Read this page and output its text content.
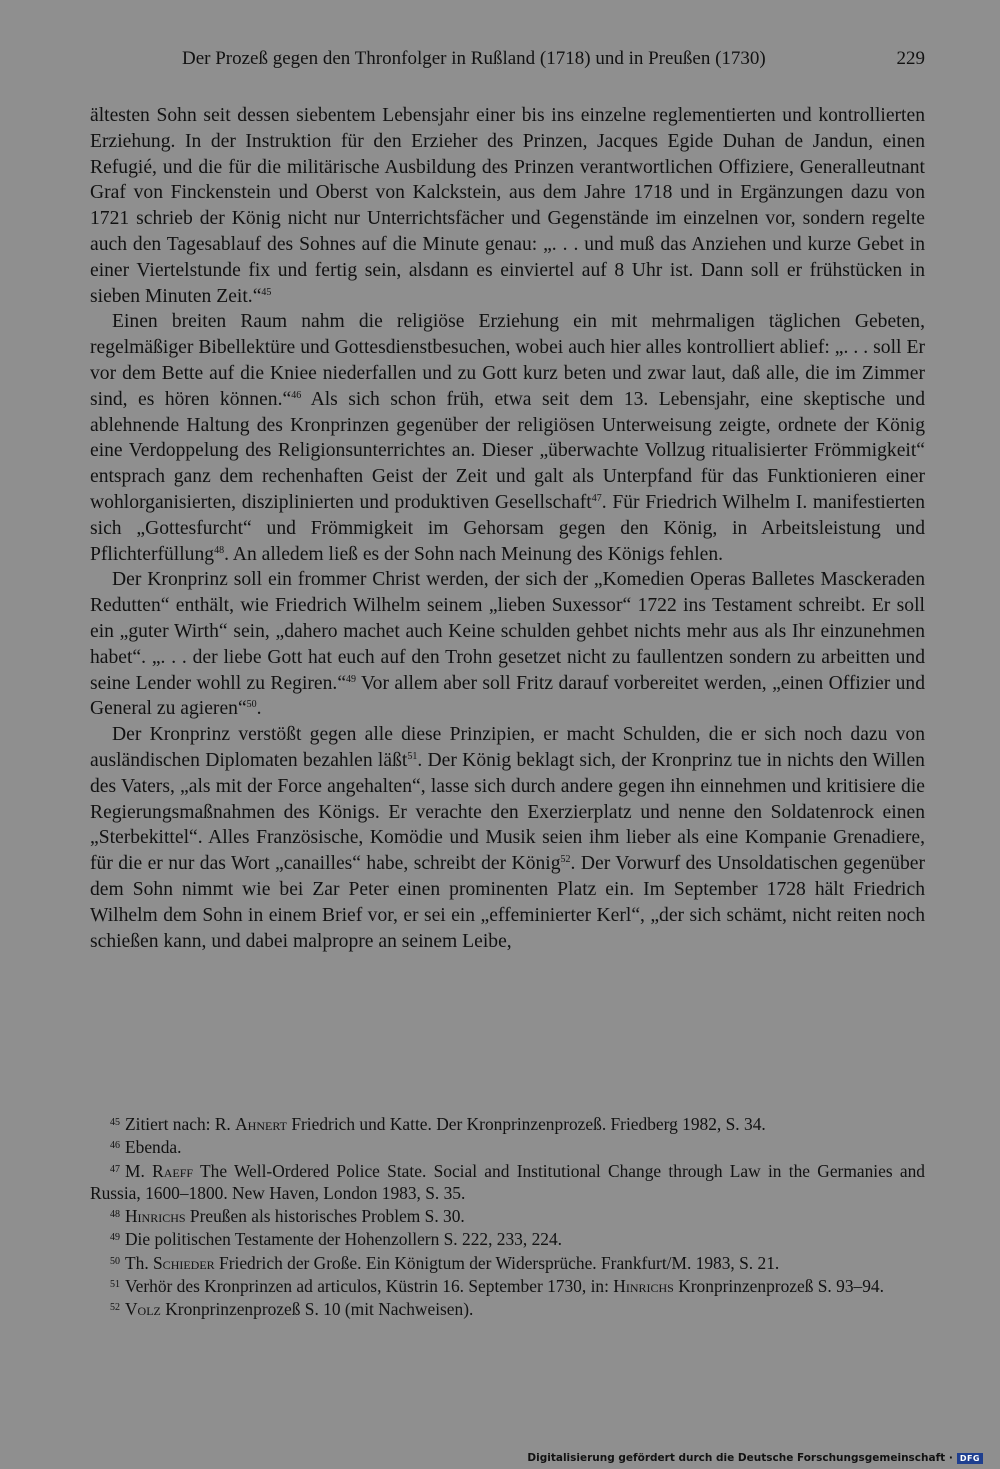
Der Prozeß gegen den Thronfolger in Rußland (1718) und in Preußen (1730)	229

ältesten Sohn seit dessen siebentem Lebensjahr einer bis ins einzelne reglementierten und kontrollierten Erziehung. In der Instruktion für den Erzieher des Prinzen, Jacques Egide Duhan de Jandun, einen Refugié, und die für die militärische Ausbildung des Prinzen verantwortlichen Offiziere, Generalleutnant Graf von Finckenstein und Oberst von Kalckstein, aus dem Jahre 1718 und in Ergänzungen dazu von 1721 schrieb der König nicht nur Unterrichtsfächer und Gegenstände im einzelnen vor, sondern regelte auch den Tagesablauf des Sohnes auf die Minute genau: „. . . und muß das Anziehen und kurze Gebet in einer Viertelstunde fix und fertig sein, alsdann es einviertel auf 8 Uhr ist. Dann soll er frühstücken in sieben Minuten Zeit.“$^{45}$

Einen breiten Raum nahm die religiöse Erziehung ein mit mehrmaligen täglichen Gebeten, regelmäßiger Bibellektüre und Gottesdienstbesuchen, wobei auch hier alles kontrolliert ablief: „. . . soll Er vor dem Bette auf die Kniee niederfallen und zu Gott kurz beten und zwar laut, daß alle, die im Zimmer sind, es hören können.“$^{46}$ Als sich schon früh, etwa seit dem 13. Lebensjahr, eine skeptische und ablehnende Haltung des Kronprinzen gegenüber der religiösen Unterweisung zeigte, ordnete der König eine Verdoppelung des Religionsunterrichtes an. Dieser „überwachte Vollzug ritualisierter Frömmigkeit“ entsprach ganz dem rechenhaften Geist der Zeit und galt als Unterpfand für das Funktionieren einer wohlorganisierten, disziplinierten und produktiven Gesellschaft$^{47}$. Für Friedrich Wilhelm I. manifestierten sich „Gottesfurcht“ und Frömmigkeit im Gehorsam gegen den König, in Arbeitsleistung und Pflichterfüllung$^{48}$. An alledem ließ es der Sohn nach Meinung des Königs fehlen.

Der Kronprinz soll ein frommer Christ werden, der sich der „Komedien Operas Balletes Masckeraden Redutten“ enthält, wie Friedrich Wilhelm seinem „lieben Suxessor“ 1722 ins Testament schreibt. Er soll ein „guter Wirth“ sein, „dahero machet auch Keine schulden gehbet nichts mehr aus als Ihr einzunehmen habet“. „. . . der liebe Gott hat euch auf den Trohn gesetzet nicht zu faullentzen sondern zu arbeitten und seine Lender wohll zu Regiren.“$^{49}$ Vor allem aber soll Fritz darauf vorbereitet werden, „einen Offizier und General zu agieren“$^{50}$.

Der Kronprinz verstößt gegen alle diese Prinzipien, er macht Schulden, die er sich noch dazu von ausländischen Diplomaten bezahlen läßt$^{51}$. Der König beklagt sich, der Kronprinz tue in nichts den Willen des Vaters, „als mit der Force angehalten“, lasse sich durch andere gegen ihn einnehmen und kritisiere die Regierungsmaßnahmen des Königs. Er verachte den Exerzierplatz und nenne den Soldatenrock einen „Sterbekittel“. Alles Französische, Komödie und Musik seien ihm lieber als eine Kompanie Grenadiere, für die er nur das Wort „canailles“ habe, schreibt der König$^{52}$. Der Vorwurf des Unsoldatischen gegenüber dem Sohn nimmt wie bei Zar Peter einen prominenten Platz ein. Im September 1728 hält Friedrich Wilhelm dem Sohn in einem Brief vor, er sei ein „effeminierter Kerl“, „der sich schämt, nicht reiten noch schießen kann, und dabei malpropre an seinem Leibe,

$^{45}$ Zitiert nach: R. Ahnert Friedrich und Katte. Der Kronprinzenprozeß. Friedberg 1982, S. 34.

$^{46}$ Ebenda.

$^{47}$ M. Raeff The Well-Ordered Police State. Social and Institutional Change through Law in the Germanies and Russia, 1600–1800. New Haven, London 1983, S. 35.

$^{48}$ Hinrichs Preußen als historisches Problem S. 30.

$^{49}$ Die politischen Testamente der Hohenzollern S. 222, 233, 224.

$^{50}$ Th. Schieder Friedrich der Große. Ein Königtum der Widersprüche. Frankfurt/M. 1983, S. 21.

$^{51}$ Verhör des Kronprinzen ad articulos, Küstrin 16. September 1730, in: Hinrichs Kronprinzenprozeß S. 93–94.

$^{52}$ Volz Kronprinzenprozeß S. 10 (mit Nachweisen).

Digitalisierung gefördert durch die Deutsche Forschungsgemeinschaft · DFG
